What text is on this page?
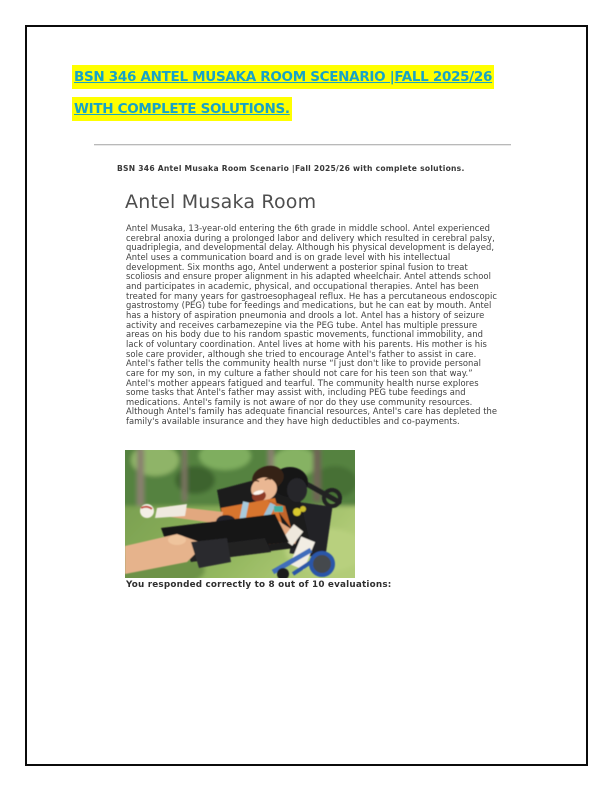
BSN 346 ANTEL MUSAKA ROOM SCENARIO |FALL 2025/26 WITH COMPLETE SOLUTIONS.
BSN 346 Antel Musaka Room Scenario |Fall 2025/26 with complete solutions.
Antel Musaka Room
Antel Musaka, 13-year-old entering the 6th grade in middle school. Antel experienced cerebral anoxia during a prolonged labor and delivery which resulted in cerebral palsy, quadriplegia, and developmental delay. Although his physical development is delayed, Antel uses a communication board and is on grade level with his intellectual development. Six months ago, Antel underwent a posterior spinal fusion to treat scoliosis and ensure proper alignment in his adapted wheelchair. Antel attends school and participates in academic, physical, and occupational therapies. Antel has been treated for many years for gastroesophageal reflux. He has a percutaneous endoscopic gastrostomy (PEG) tube for feedings and medications, but he can eat by mouth. Antel has a history of aspiration pneumonia and drools a lot. Antel has a history of seizure activity and receives carbamezepine via the PEG tube. Antel has multiple pressure areas on his body due to his random spastic movements, functional immobility, and lack of voluntary coordination. Antel lives at home with his parents. His mother is his sole care provider, although she tried to encourage Antel's father to assist in care. Antel's father tells the community health nurse “I just don't like to provide personal care for my son, in my culture a father should not care for his teen son that way.” Antel's mother appears fatigued and tearful. The community health nurse explores some tasks that Antel's father may assist with, including PEG tube feedings and medications. Antel's family is not aware of nor do they use community resources. Although Antel's family has adequate financial resources, Antel's care has depleted the family's available insurance and they have high deductibles and co-payments.
You responded correctly to 8 out of 10 evaluations:
